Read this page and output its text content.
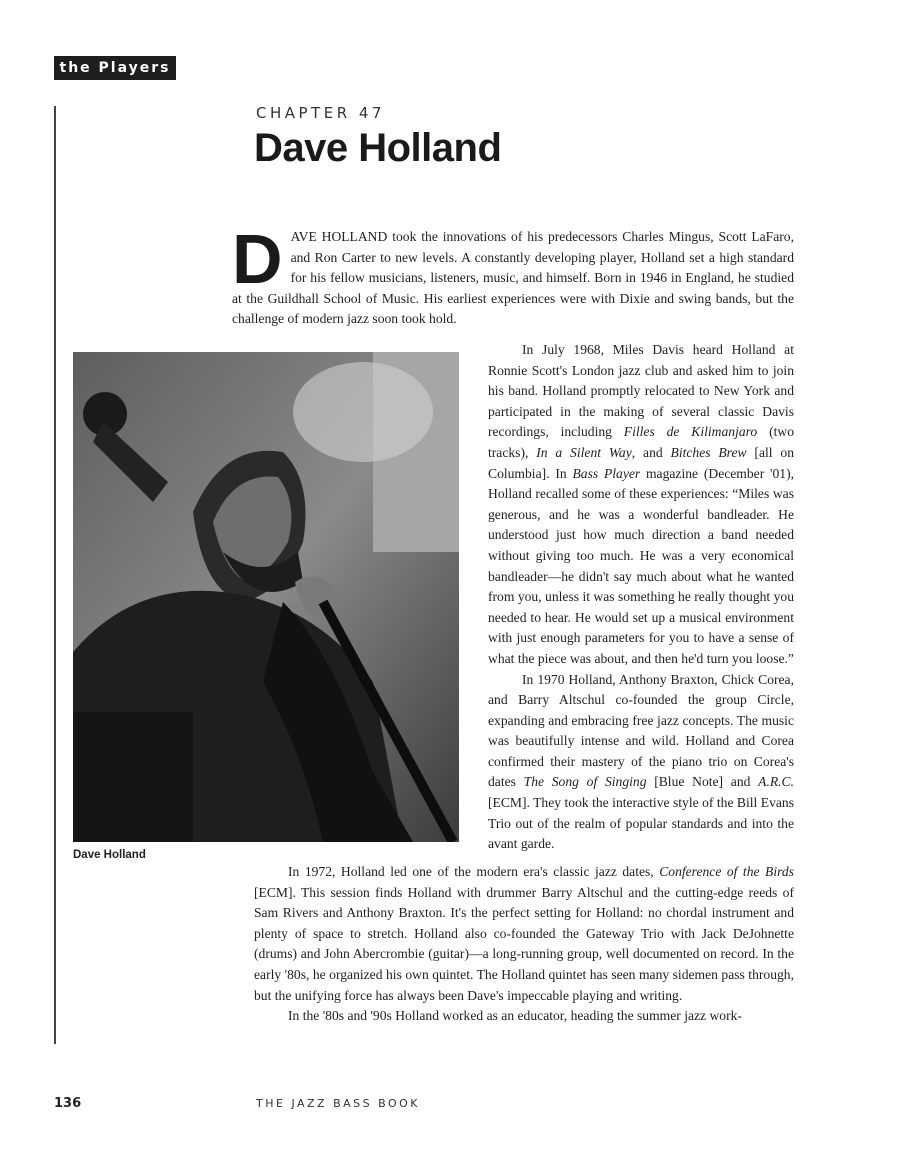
the Players
CHAPTER 47
Dave Holland
DAVE HOLLAND took the innovations of his predecessors Charles Mingus, Scott LaFaro, and Ron Carter to new levels. A constantly developing player, Holland set a high standard for his fellow musicians, listeners, music, and himself. Born in 1946 in England, he studied at the Guildhall School of Music. His earliest experiences were with Dixie and swing bands, but the challenge of modern jazz soon took hold.
Dave Holland

In July 1968, Miles Davis heard Holland at Ronnie Scott's London jazz club and asked him to join his band. Holland promptly relocated to New York and participated in the making of several classic Davis recordings, including Filles de Kilimanjaro (two tracks), In a Silent Way, and Bitches Brew [all on Columbia]. In Bass Player magazine (December '01), Holland recalled some of these experiences: “Miles was generous, and he was a wonderful bandleader. He understood just how much direction a band needed without giving too much. He was a very economical bandleader—he didn't say much about what he wanted from you, unless it was something he really thought you needed to hear. He would set up a musical environment with just enough parameters for you to have a sense of what the piece was about, and then he'd turn you loose.”

In 1970 Holland, Anthony Braxton, Chick Corea, and Barry Altschul co-founded the group Circle, expanding and embracing free jazz concepts. The music was beautifully intense and wild. Holland and Corea confirmed their mastery of the piano trio on Corea's dates The Song of Singing [Blue Note] and A.R.C. [ECM]. They took the interactive style of the Bill Evans Trio out of the realm of popular standards and into the avant garde.

In 1972, Holland led one of the modern era's classic jazz dates, Conference of the Birds [ECM]. This session finds Holland with drummer Barry Altschul and the cutting-edge reeds of Sam Rivers and Anthony Braxton. It's the perfect setting for Holland: no chordal instrument and plenty of space to stretch. Holland also co-founded the Gateway Trio with Jack DeJohnette (drums) and John Abercrombie (guitar)—a long-running group, well documented on record. In the early '80s, he organized his own quintet. The Holland quintet has seen many sidemen pass through, but the unifying force has always been Dave's impeccable playing and writing.

In the '80s and '90s Holland worked as an educator, heading the summer jazz work-

136	THE JAZZ BASS BOOK
